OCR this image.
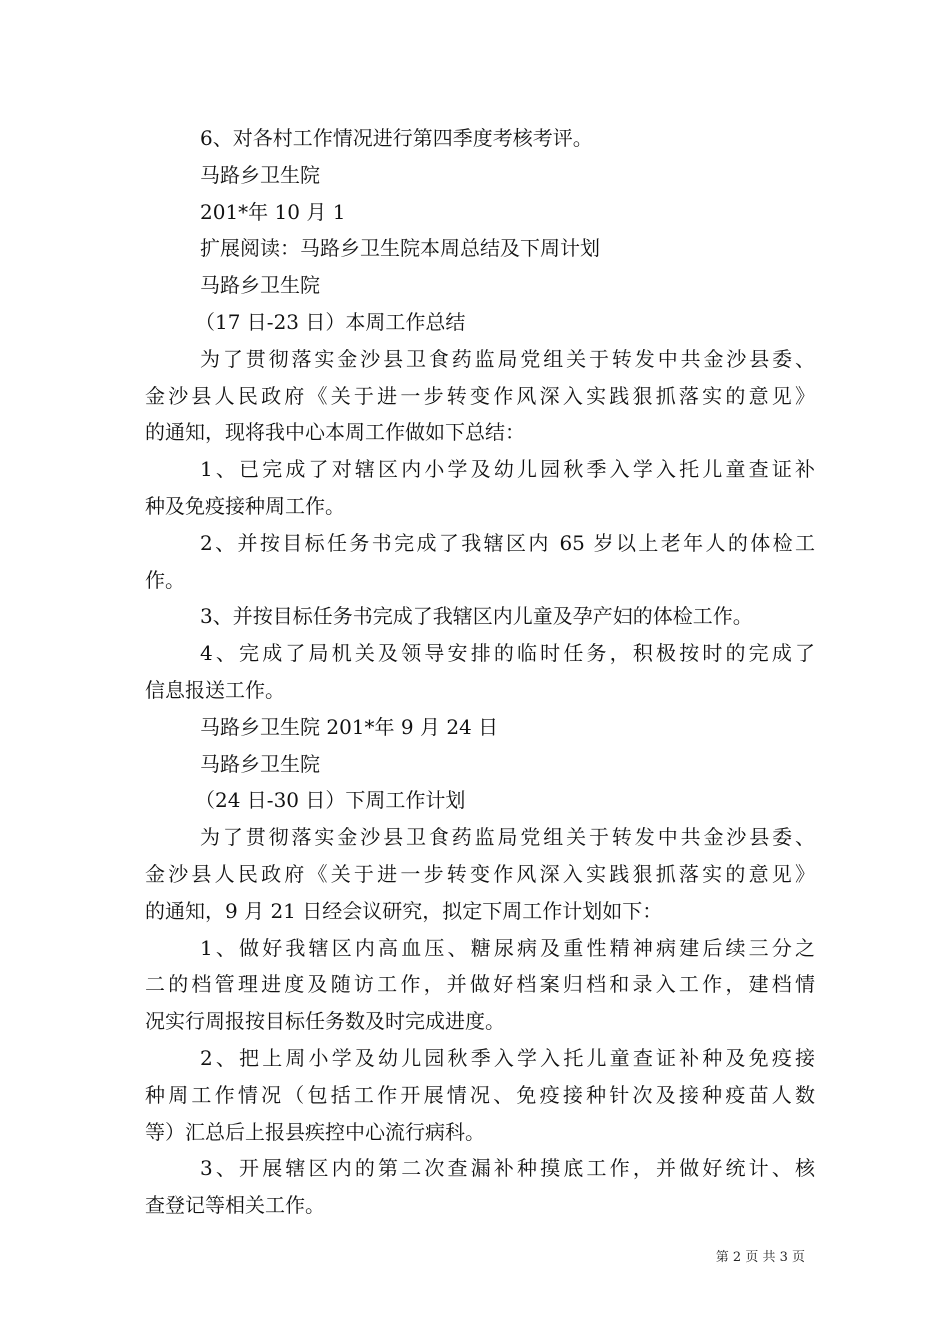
6、对各村工作情况进行第四季度考核考评。
马路乡卫生院
201*年 10 月 1
扩展阅读：马路乡卫生院本周总结及下周计划
马路乡卫生院
（17 日-23 日）本周工作总结
为了贯彻落实金沙县卫食药监局党组关于转发中共金沙县委、
金沙县人民政府《关于进一步转变作风深入实践狠抓落实的意见》
的通知，现将我中心本周工作做如下总结：
1、已完成了对辖区内小学及幼儿园秋季入学入托儿童查证补
种及免疫接种周工作。
2、并按目标任务书完成了我辖区内 65 岁以上老年人的体检工
作。
3、并按目标任务书完成了我辖区内儿童及孕产妇的体检工作。
4、完成了局机关及领导安排的临时任务，积极按时的完成了
信息报送工作。
马路乡卫生院 201*年 9 月 24 日
马路乡卫生院
（24 日-30 日）下周工作计划
为了贯彻落实金沙县卫食药监局党组关于转发中共金沙县委、
金沙县人民政府《关于进一步转变作风深入实践狠抓落实的意见》
的通知，9 月 21 日经会议研究，拟定下周工作计划如下：
1、做好我辖区内高血压、糖尿病及重性精神病建后续三分之
二的档管理进度及随访工作，并做好档案归档和录入工作，建档情
况实行周报按目标任务数及时完成进度。
2、把上周小学及幼儿园秋季入学入托儿童查证补种及免疫接
种周工作情况（包括工作开展情况、免疫接种针次及接种疫苗人数
等）汇总后上报县疾控中心流行病科。
3、开展辖区内的第二次查漏补种摸底工作，并做好统计、核
查登记等相关工作。
第 2 页 共 3 页
